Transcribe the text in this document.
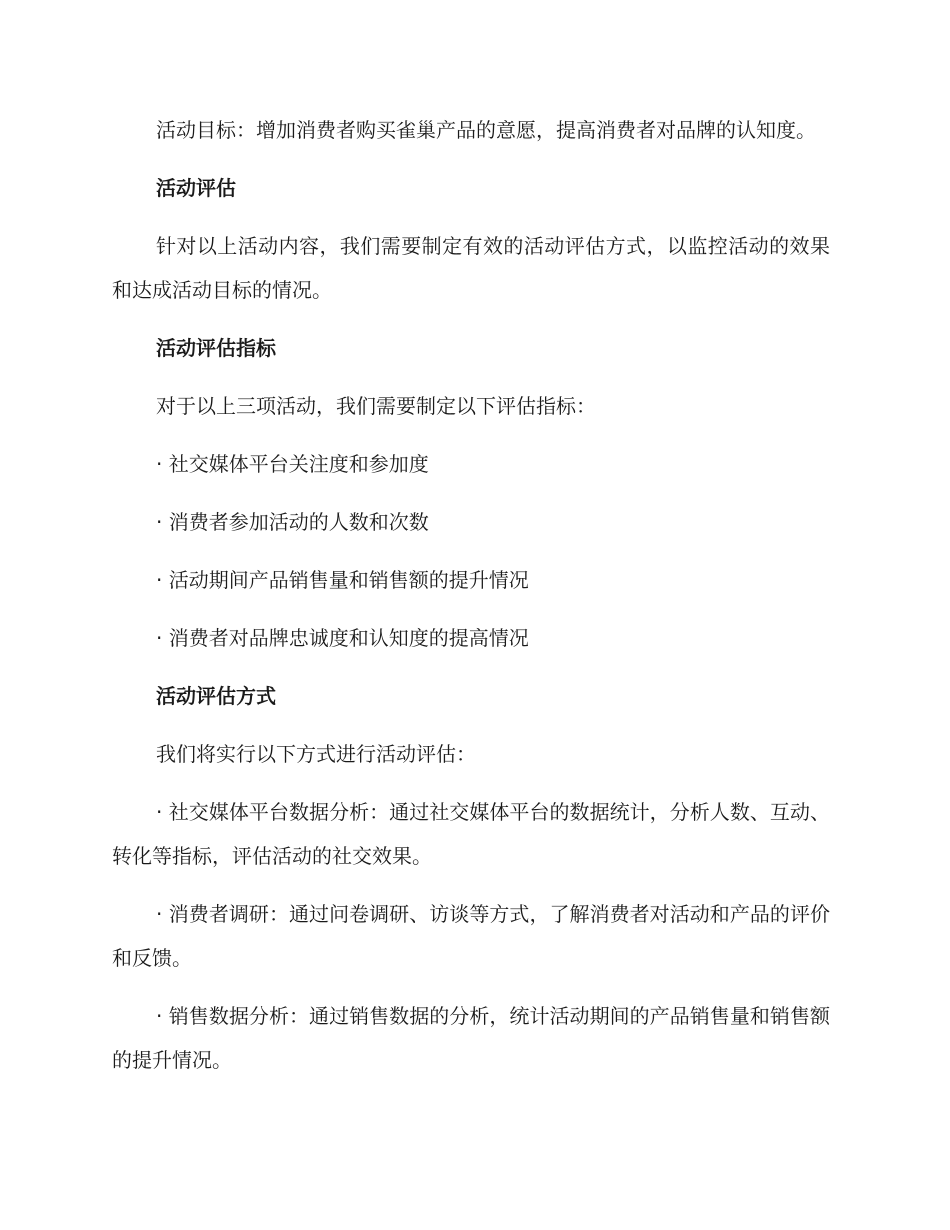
活动目标：增加消费者购买雀巢产品的意愿，提高消费者对品牌的认知度。

活动评估

针对以上活动内容，我们需要制定有效的活动评估方式，以监控活动的效果和达成活动目标的情况。

活动评估指标

对于以上三项活动，我们需要制定以下评估指标：

· 社交媒体平台关注度和参加度

· 消费者参加活动的人数和次数

· 活动期间产品销售量和销售额的提升情况

· 消费者对品牌忠诚度和认知度的提高情况

活动评估方式

我们将实行以下方式进行活动评估：

· 社交媒体平台数据分析：通过社交媒体平台的数据统计，分析人数、互动、转化等指标，评估活动的社交效果。

· 消费者调研：通过问卷调研、访谈等方式，了解消费者对活动和产品的评价和反馈。

· 销售数据分析：通过销售数据的分析，统计活动期间的产品销售量和销售额的提升情况。
